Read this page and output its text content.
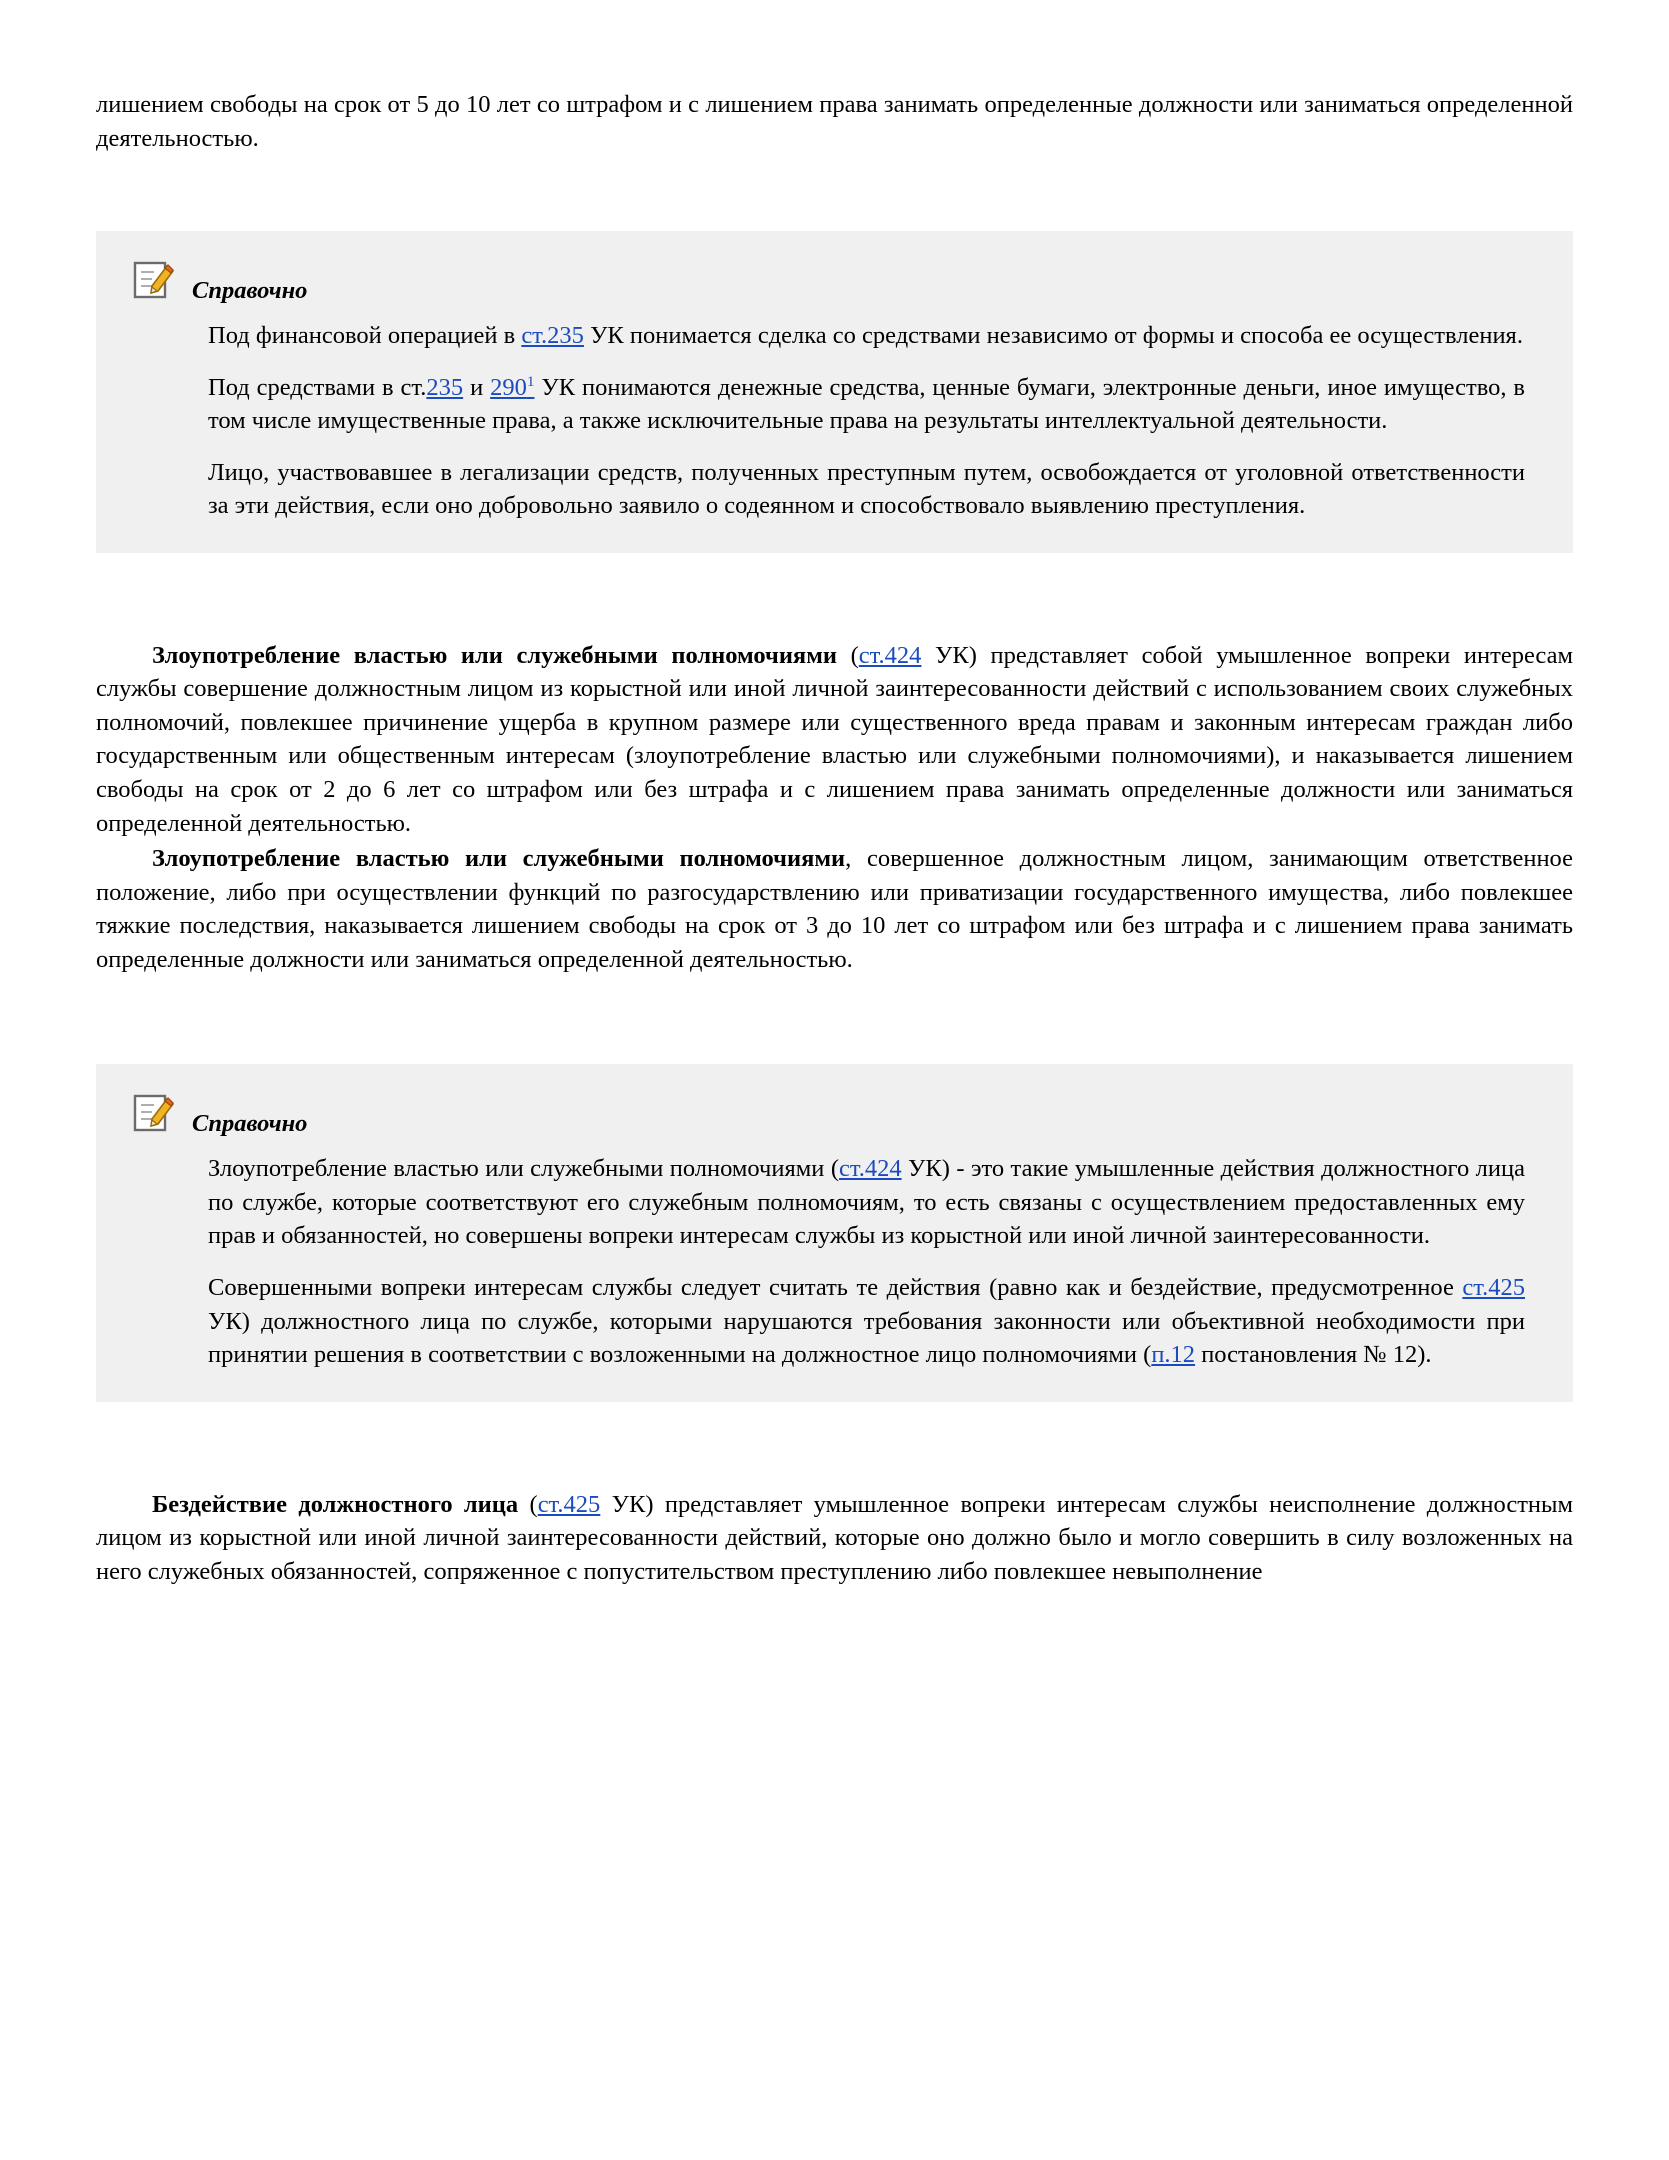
лишением свободы на срок от 5 до 10 лет со штрафом и с лишением права занимать определенные должности или заниматься определенной деятельностью.

Справочно

Под финансовой операцией в ст.235 УК понимается сделка со средствами независимо от формы и способа ее осуществления.

Под средствами в ст.235 и 290$^1$ УК понимаются денежные средства, ценные бумаги, электронные деньги, иное имущество, в том числе имущественные права, а также исключительные права на результаты интеллектуальной деятельности.

Лицо, участвовавшее в легализации средств, полученных преступным путем, освобождается от уголовной ответственности за эти действия, если оно добровольно заявило о содеянном и способствовало выявлению преступления.

Злоупотребление властью или служебными полномочиями (ст.424 УК) представляет собой умышленное вопреки интересам службы совершение должностным лицом из корыстной или иной личной заинтересованности действий с использованием своих служебных полномочий, повлекшее причинение ущерба в крупном размере или существенного вреда правам и законным интересам граждан либо государственным или общественным интересам (злоупотребление властью или служебными полномочиями), и наказывается лишением свободы на срок от 2 до 6 лет со штрафом или без штрафа и с лишением права занимать определенные должности или заниматься определенной деятельностью.

Злоупотребление властью или служебными полномочиями, совершенное должностным лицом, занимающим ответственное положение, либо при осуществлении функций по разгосударствлению или приватизации государственного имущества, либо повлекшее тяжкие последствия, наказывается лишением свободы на срок от 3 до 10 лет со штрафом или без штрафа и с лишением права занимать определенные должности или заниматься определенной деятельностью.

Справочно

Злоупотребление властью или служебными полномочиями (ст.424 УК) - это такие умышленные действия должностного лица по службе, которые соответствуют его служебным полномочиям, то есть связаны с осуществлением предоставленных ему прав и обязанностей, но совершены вопреки интересам службы из корыстной или иной личной заинтересованности.

Совершенными вопреки интересам службы следует считать те действия (равно как и бездействие, предусмотренное ст.425 УК) должностного лица по службе, которыми нарушаются требования законности или объективной необходимости при принятии решения в соответствии с возложенными на должностное лицо полномочиями (п.12 постановления № 12).

Бездействие должностного лица (ст.425 УК) представляет умышленное вопреки интересам службы неисполнение должностным лицом из корыстной или иной личной заинтересованности действий, которые оно должно было и могло совершить в силу возложенных на него служебных обязанностей, сопряженное с попустительством преступлению либо повлекшее невыполнение
